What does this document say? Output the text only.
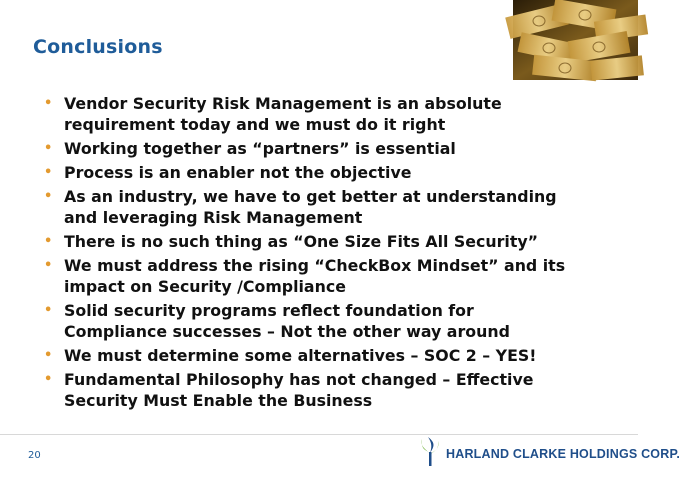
Conclusions
• Vendor Security Risk Management is an absolute
requirement today and we must do it right
• Working together as “partners” is essential
• Process is an enabler not the objective
• As an industry, we have to get better at understanding
and leveraging Risk Management
• There is no such thing as “One Size Fits All Security”
• We must address the rising “CheckBox Mindset” and its
impact on Security /Compliance
• Solid security programs reflect foundation for
Compliance successes – Not the other way around
• We must determine some alternatives – SOC 2 – YES!
• Fundamental Philosophy has not changed – Effective
Security Must Enable the Business
20	HARLAND CLARKE HOLDINGS CORP.
